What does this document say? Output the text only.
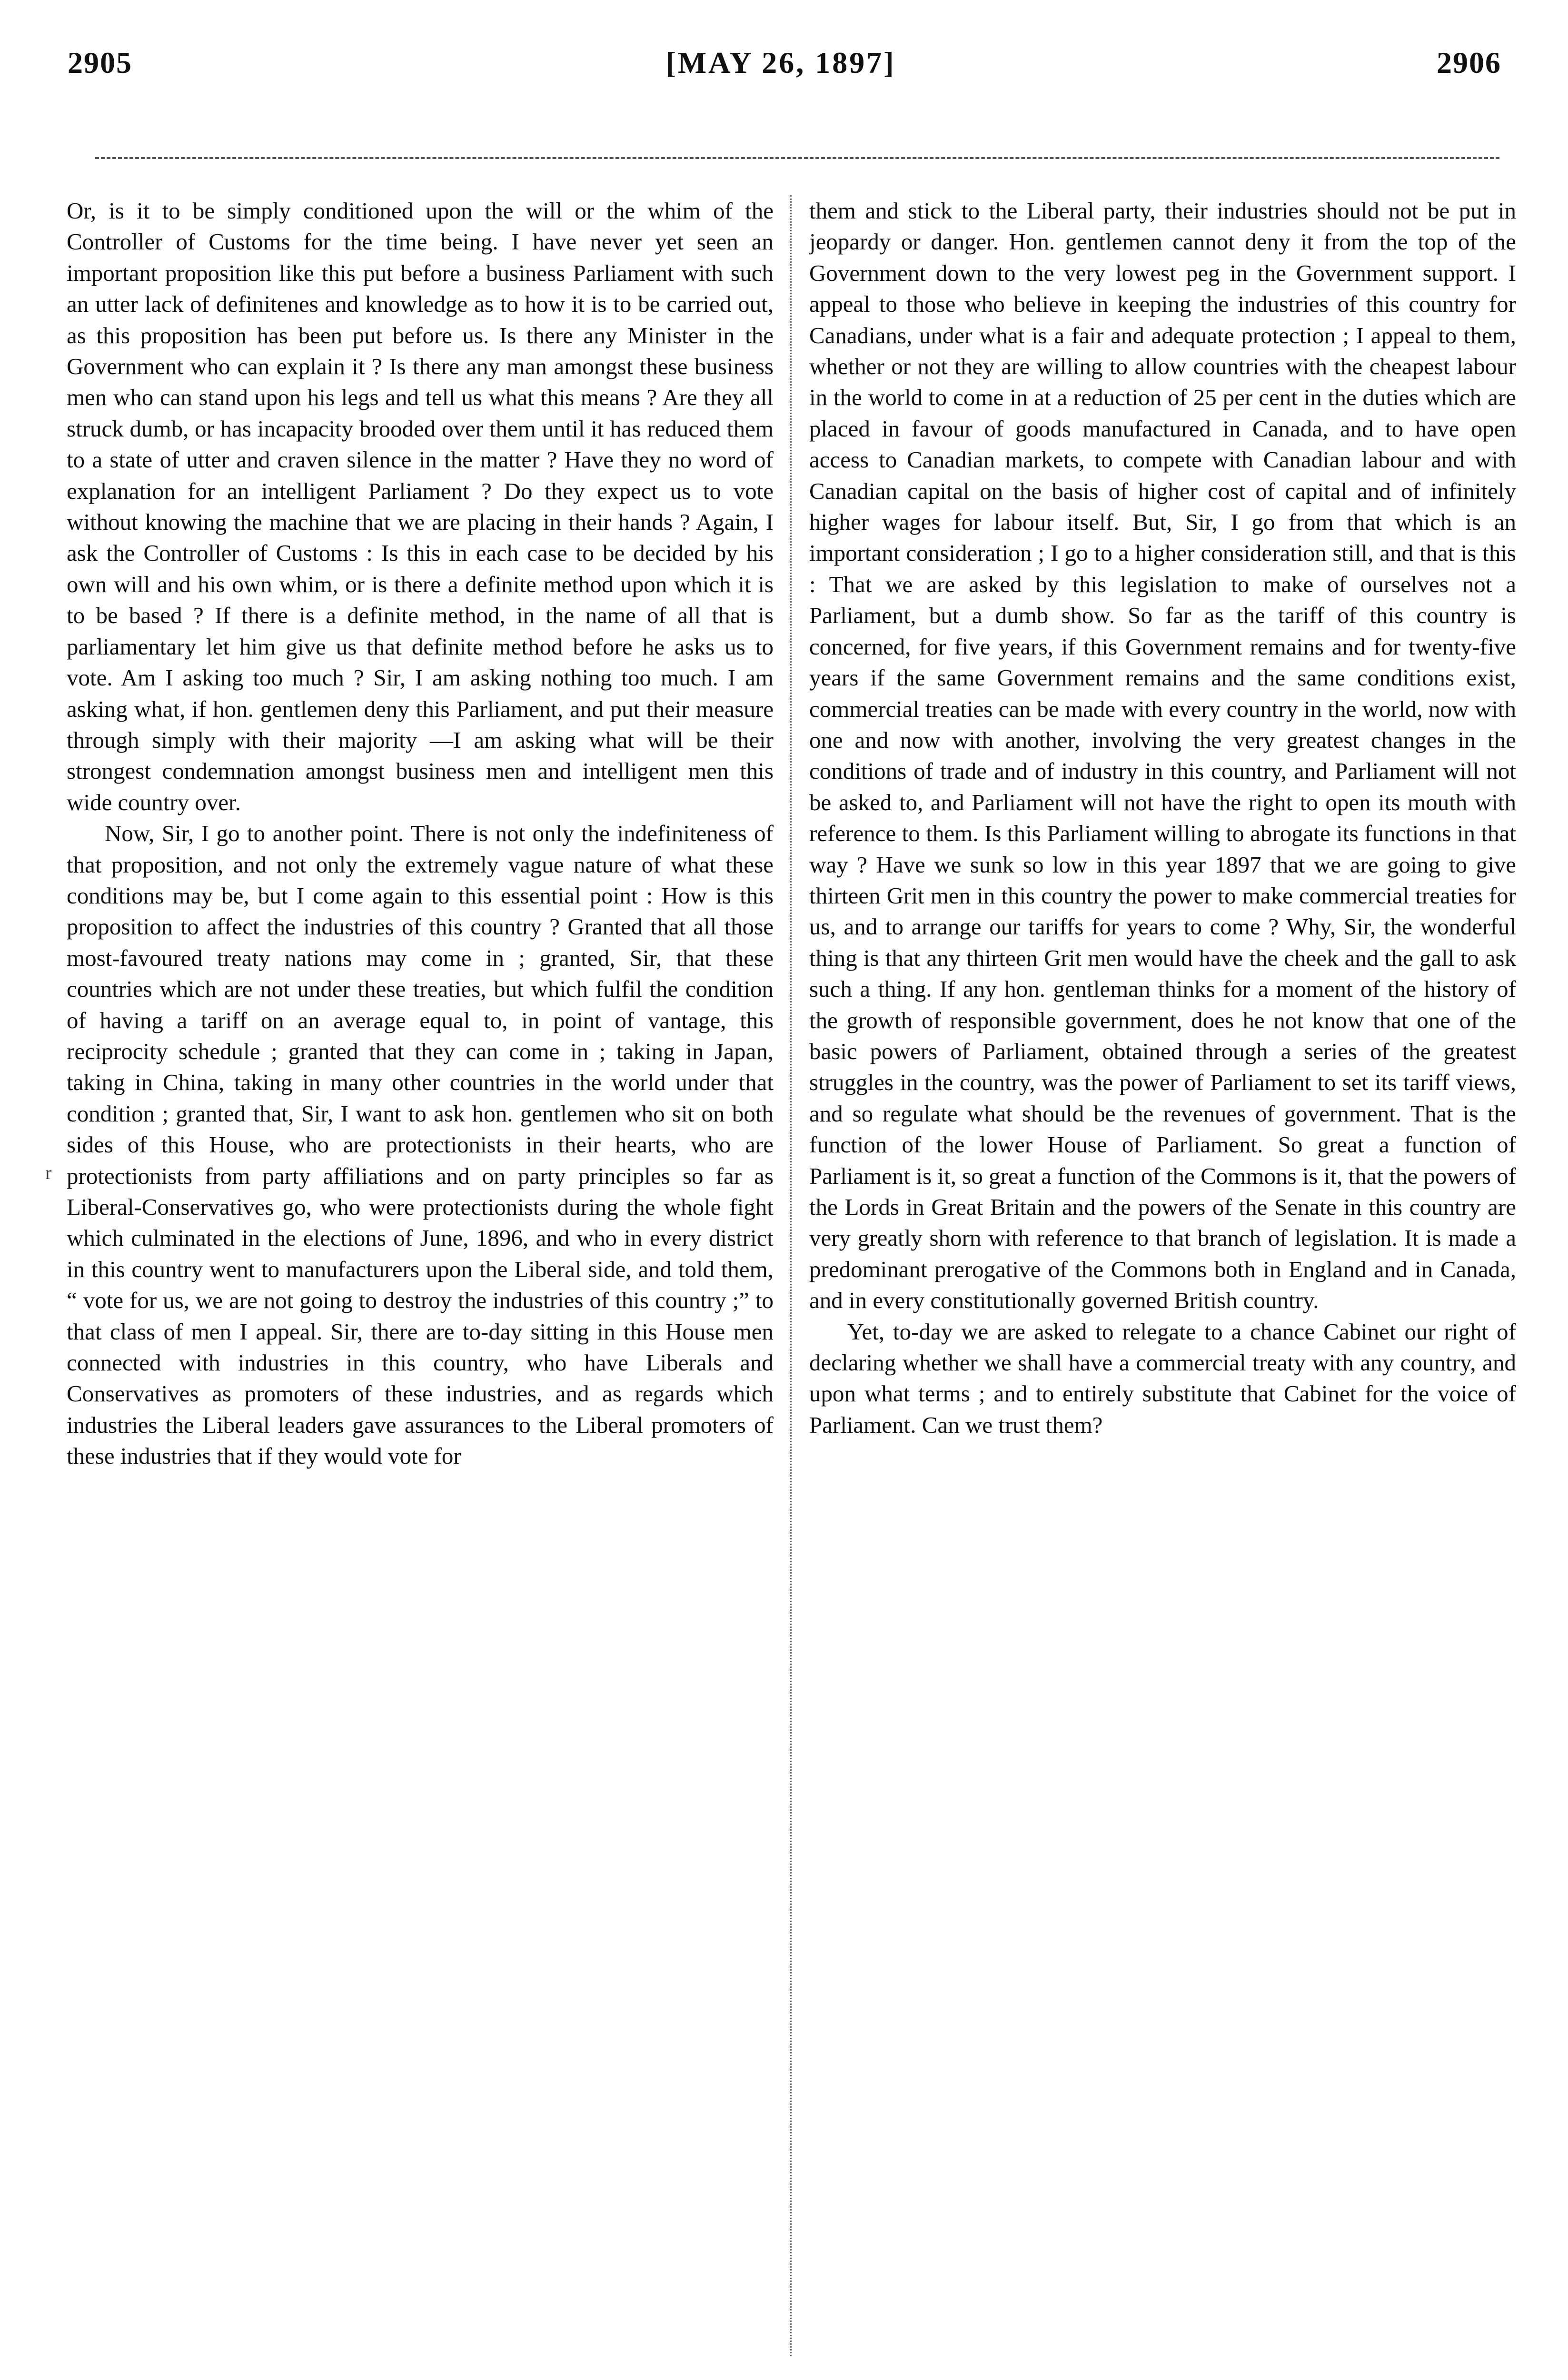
2905	[MAY 26, 1897]	2906

Or, is it to be simply conditioned upon the will or the whim of the Controller of Customs for the time being. I have never yet seen an important proposition like this put before a business Parliament with such an utter lack of definitenes and knowledge as to how it is to be carried out, as this proposition has been put before us. Is there any Minister in the Government who can explain it ? Is there any man amongst these business men who can stand upon his legs and tell us what this means ? Are they all struck dumb, or has incapacity brooded over them until it has reduced them to a state of utter and craven silence in the matter ? Have they no word of explanation for an intelligent Parliament ? Do they expect us to vote without knowing the machine that we are placing in their hands ? Again, I ask the Controller of Customs : Is this in each case to be decided by his own will and his own whim, or is there a definite method upon which it is to be based ? If there is a definite method, in the name of all that is parliamentary let him give us that definite method before he asks us to vote. Am I asking too much ? Sir, I am asking nothing too much. I am asking what, if hon. gentlemen deny this Parliament, and put their measure through simply with their majority —I am asking what will be their strongest condemnation amongst business men and intelligent men this wide country over.

Now, Sir, I go to another point. There is not only the indefiniteness of that proposition, and not only the extremely vague nature of what these conditions may be, but I come again to this essential point : How is this proposition to affect the industries of this country ? Granted that all those most-favoured treaty nations may come in ; granted, Sir, that these countries which are not under these treaties, but which fulfil the condition of having a tariff on an average equal to, in point of vantage, this reciprocity schedule ; granted that they can come in ; taking in Japan, taking in China, taking in many other countries in the world under that condition ; granted that, Sir, I want to ask hon. gentlemen who sit on both sides of this House, who are protectionists in their hearts, who are protectionists from party affiliations and on party principles so far as Liberal-Conservatives go, who were protectionists during the whole fight which culminated in the elections of June, 1896, and who in every district in this country went to manufacturers upon the Liberal side, and told them, “ vote for us, we are not going to destroy the industries of this country ;” to that class of men I appeal. Sir, there are to-day sitting in this House men connected with industries in this country, who have Liberals and Conservatives as promoters of these industries, and as regards which industries the Liberal leaders gave assurances to the Liberal promoters of these industries that if they would vote for

them and stick to the Liberal party, their industries should not be put in jeopardy or danger. Hon. gentlemen cannot deny it from the top of the Government down to the very lowest peg in the Government support. I appeal to those who believe in keeping the industries of this country for Canadians, under what is a fair and adequate protection ; I appeal to them, whether or not they are willing to allow countries with the cheapest labour in the world to come in at a reduction of 25 per cent in the duties which are placed in favour of goods manufactured in Canada, and to have open access to Canadian markets, to compete with Canadian labour and with Canadian capital on the basis of higher cost of capital and of infinitely higher wages for labour itself. But, Sir, I go from that which is an important consideration ; I go to a higher consideration still, and that is this : That we are asked by this legislation to make of ourselves not a Parliament, but a dumb show. So far as the tariff of this country is concerned, for five years, if this Government remains and for twenty-five years if the same Government remains and the same conditions exist, commercial treaties can be made with every country in the world, now with one and now with another, involving the very greatest changes in the conditions of trade and of industry in this country, and Parliament will not be asked to, and Parliament will not have the right to open its mouth with reference to them. Is this Parliament willing to abrogate its functions in that way ? Have we sunk so low in this year 1897 that we are going to give thirteen Grit men in this country the power to make commercial treaties for us, and to arrange our tariffs for years to come ? Why, Sir, the wonderful thing is that any thirteen Grit men would have the cheek and the gall to ask such a thing. If any hon. gentleman thinks for a moment of the history of the growth of responsible government, does he not know that one of the basic powers of Parliament, obtained through a series of the greatest struggles in the country, was the power of Parliament to set its tariff views, and so regulate what should be the revenues of government. That is the function of the lower House of Parliament. So great a function of Parliament is it, so great a function of the Commons is it, that the powers of the Lords in Great Britain and the powers of the Senate in this country are very greatly shorn with reference to that branch of legislation. It is made a predominant prerogative of the Commons both in England and in Canada, and in every constitutionally governed British country.

Yet, to-day we are asked to relegate to a chance Cabinet our right of declaring whether we shall have a commercial treaty with any country, and upon what terms ; and to entirely substitute that Cabinet for the voice of Parliament. Can we trust them?

r
